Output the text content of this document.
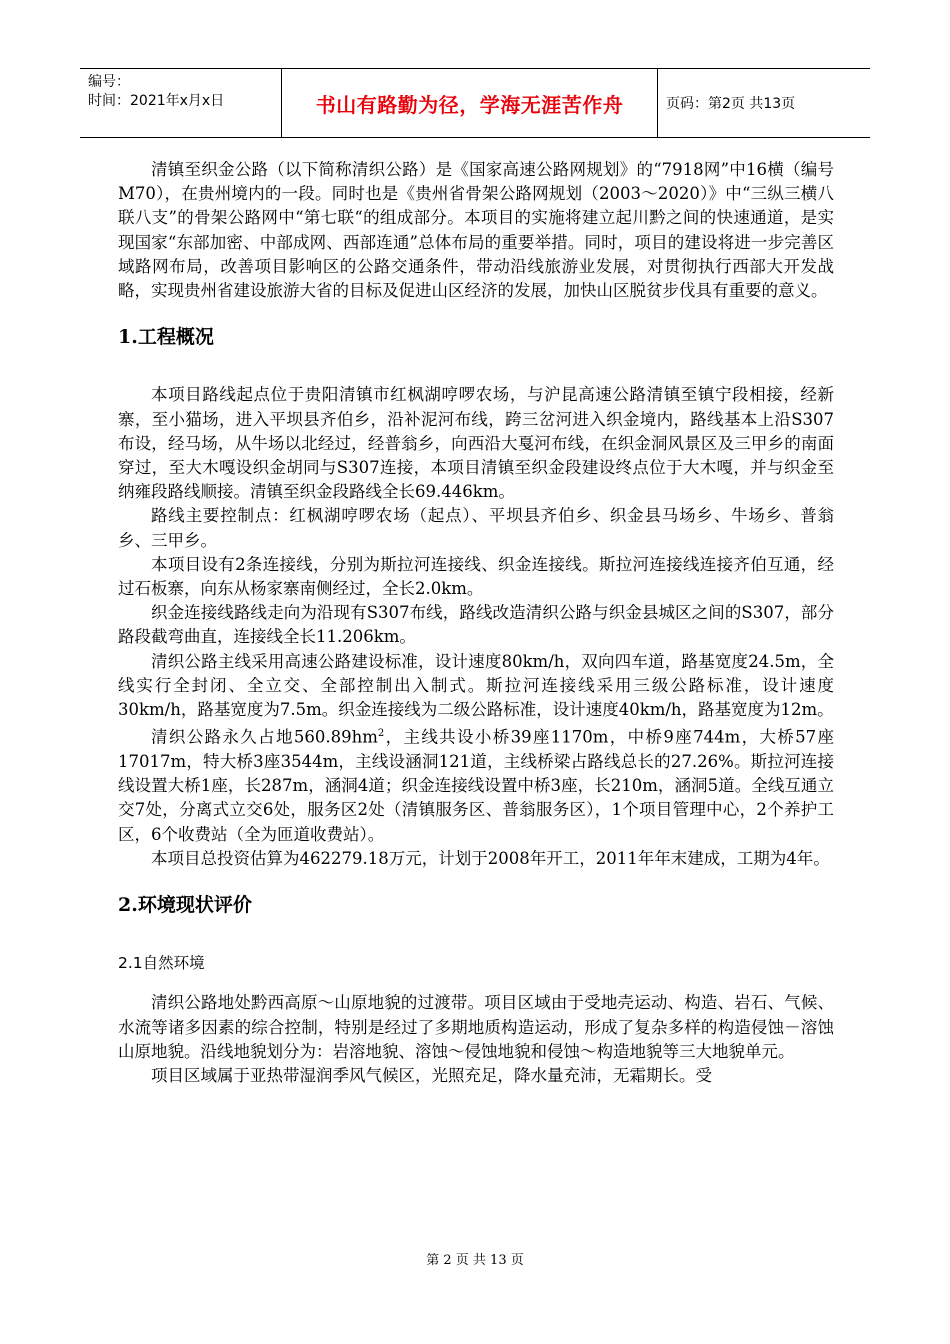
编号：
时间：2021年x月x日	书山有路勤为径，学海无涯苦作舟	页码：第2页 共13页

清镇至织金公路（以下简称清织公路）是《国家高速公路网规划》的“7918网”中16横（编号M70），在贵州境内的一段。同时也是《贵州省骨架公路网规划（2003～2020）》中“三纵三横八联八支”的骨架公路网中“第七联“的组成部分。本项目的实施将建立起川黔之间的快速通道，是实现国家“东部加密、中部成网、西部连通”总体布局的重要举措。同时，项目的建设将进一步完善区域路网布局，改善项目影响区的公路交通条件，带动沿线旅游业发展，对贯彻执行西部大开发战略，实现贵州省建设旅游大省的目标及促进山区经济的发展，加快山区脱贫步伐具有重要的意义。

1.工程概况

本项目路线起点位于贵阳清镇市红枫湖哼啰农场，与沪昆高速公路清镇至镇宁段相接，经新寨，至小猫场，进入平坝县齐伯乡，沿补泥河布线，跨三岔河进入织金境内，路线基本上沿S307布设，经马场，从牛场以北经过，经普翁乡，向西沿大戛河布线，在织金洞风景区及三甲乡的南面穿过，至大木嘎设织金胡同与S307连接，本项目清镇至织金段建设终点位于大木嘎，并与织金至纳雍段路线顺接。清镇至织金段路线全长69.446km。

路线主要控制点：红枫湖哼啰农场（起点）、平坝县齐伯乡、织金县马场乡、牛场乡、普翁乡、三甲乡。

本项目设有2条连接线，分别为斯拉河连接线、织金连接线。斯拉河连接线连接齐伯互通，经过石板寨，向东从杨家寨南侧经过，全长2.0km。

织金连接线路线走向为沿现有S307布线，路线改造清织公路与织金县城区之间的S307，部分路段截弯曲直，连接线全长11.206km。

清织公路主线采用高速公路建设标准，设计速度80km/h，双向四车道，路基宽度24.5m，全线实行全封闭、全立交、全部控制出入制式。斯拉河连接线采用三级公路标准，设计速度30km/h，路基宽度为7.5m。织金连接线为二级公路标准，设计速度40km/h，路基宽度为12m。

清织公路永久占地$560.89hm^2$，主线共设小桥39座1170m，中桥9座744m，大桥57座17017m，特大桥3座3544m，主线设涵洞121道，主线桥梁占路线总长的27.26%。斯拉河连接线设置大桥1座，长287m，涵洞4道；织金连接线设置中桥3座，长210m，涵洞5道。全线互通立交7处，分离式立交6处，服务区2处（清镇服务区、普翁服务区），1个项目管理中心，2个养护工区，6个收费站（全为匝道收费站）。

本项目总投资估算为462279.18万元，计划于2008年开工，2011年年末建成，工期为4年。

2.环境现状评价
2.1自然环境

清织公路地处黔西高原～山原地貌的过渡带。项目区域由于受地壳运动、构造、岩石、气候、水流等诸多因素的综合控制，特别是经过了多期地质构造运动，形成了复杂多样的构造侵蚀－溶蚀山原地貌。沿线地貌划分为：岩溶地貌、溶蚀～侵蚀地貌和侵蚀～构造地貌等三大地貌单元。

项目区域属于亚热带湿润季风气候区，光照充足，降水量充沛，无霜期长。受

第 2 页 共 13 页
